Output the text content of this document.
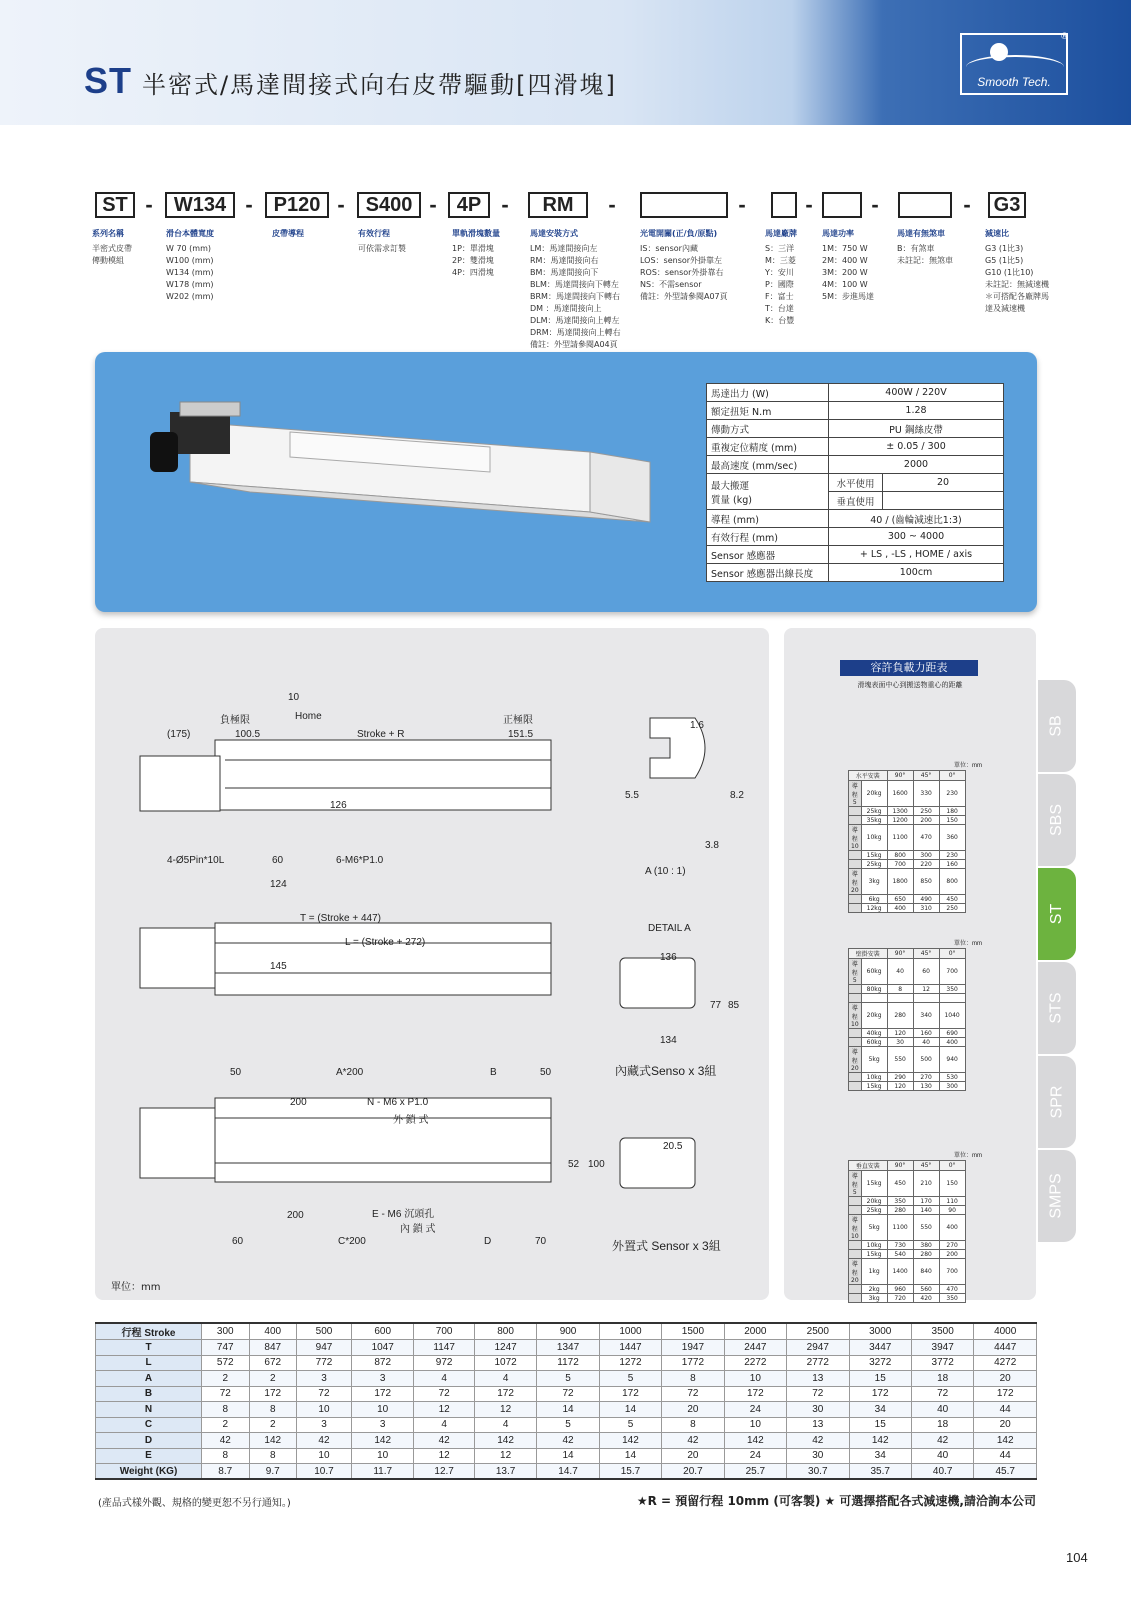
ST 半密式/馬達間接式向右皮帶驅動[四滑塊]	Smooth Tech.
®
ST -	W134 -	P120 -	S400 -	4P -	RM	-	-	-	-	- G3
系列名稱
半密式皮帶
傳動模組
滑台本體寬度
W 70 (mm)
W100 (mm)
W134 (mm)
W178 (mm)
W202 (mm)
皮帶導程	有效行程
可依需求訂製
單軌滑塊數量
1P：單滑塊
2P：雙滑塊
4P：四滑塊
馬達安裝方式
LM：馬達間接向左
RM：馬達間接向右
BM：馬達間接向下
BLM：馬達間接向下轉左
BRM：馬達間接向下轉右
DM ：馬達間接向上
DLM：馬達間接向上轉左
DRM：馬達間接向上轉右
備註：外型請參閱A04頁
光電開關(正/負/原點)
IS：sensor內藏
LOS：sensor外掛靠左
ROS：sensor外掛靠右
NS：不需sensor
備註：外型請參閱A07頁
馬達廠牌
S：三洋
M：三菱
Y：安川
P：國際
F：富士
T：台達
K：台豐
馬達功率
1M：750 W
2M：400 W
3M：200 W
4M：100 W
5M：步進馬達
馬達有無煞車
B：有煞車
未註記：無煞車
減速比
G3 (1比3)
G5 (1比5)
G10 (1比10)
未註記：無減速機
＊可搭配各廠牌馬
達及減速機
馬達出力 (W)	400W / 220V	
額定扭矩 N.m	1.28	
傳動方式	PU 鋼絲皮帶	
重複定位精度 (mm)	± 0.05 / 300	
最高速度 (mm/sec)	2000	
最大搬運
質量 (kg)	水平使用	20
	垂直使用	
導程 (mm)	40 / (齒輪減速比1:3)	
有效行程 (mm)	300 ~ 4000	
Sensor 感應器	+ LS , -LS , HOME / axis	
Sensor 感應器出線長度	100cm	
10
負極限	Home	正極限
(175)	100.5	Stroke + R	151.5
126
4-Ø5Pin*10L	60	6-M6*P1.0
124
1.6
5.5	8.2
3.8
A (10 : 1)
T = (Stroke + 447)
L = (Stroke + 272)
145
DETAIL A
136
77 85
134
內藏式Senso x 3組
50	A*200	B	50
200	N - M6 x P1.0
外 鎖 式
52 100
20.5
200	E - M6 沉頭孔
內 鎖 式
60	C*200	D	70	外置式 Sensor x 3組
單位：mm
容許負載力距表
滑塊表面中心到搬送物重心的距離
單位：mm
水平安裝		90°	45°	0°
導程5	20kg	1600	330	230
	25kg	1300	250	180
	35kg	1200	200	150
導程10	10kg	1100	470	360
	15kg	800	300	230
	25kg	700	220	160
導程20	3kg	1800	850	800
	6kg	650	490	450
	12kg	400	310	250
單位：mm
壁掛安裝		90°	45°	0°
導程5	60kg	40	60	700
	80kg	8	12	350

導程10	20kg	280	340	1040
	40kg	120	160	690
	60kg	30	40	400
導程20	5kg	550	500	940
	10kg	290	270	530
	15kg	120	130	300
單位：mm
垂直安裝		90°	45°	0°
導程5	15kg	450	210	150
	20kg	350	170	110
	25kg	280	140	90
導程10	5kg	1100	550	400
	10kg	730	380	270
	15kg	540	280	200
導程20	1kg	1400	840	700
	2kg	960	560	470
	3kg	720	420	350
SB
SBS
ST
STS
SPR
SMPS
行程 Stroke	300	400	500	600	700	800	900	1000	1500	2000	2500	3000	3500	4000
T	747	847	947	1047	1147	1247	1347	1447	1947	2447	2947	3447	3947	4447
L	572	672	772	872	972	1072	1172	1272	1772	2272	2772	3272	3772	4272
A	2	2	3	3	4	4	5	5	8	10	13	15	18	20
B	72	172	72	172	72	172	72	172	72	172	72	172	72	172
N	8	8	10	10	12	12	14	14	20	24	30	34	40	44
C	2	2	3	3	4	4	5	5	8	10	13	15	18	20
D	42	142	42	142	42	142	42	142	42	142	42	142	42	142
E	8	8	10	10	12	12	14	14	20	24	30	34	40	44
Weight (KG)	8.7	9.7	10.7	11.7	12.7	13.7	14.7	15.7	20.7	25.7	30.7	35.7	40.7	45.7
(產品式樣外觀、規格的變更恕不另行通知。)	★R = 預留行程 10mm (可客製) ★ 可選擇搭配各式減速機,請洽詢本公司
104
